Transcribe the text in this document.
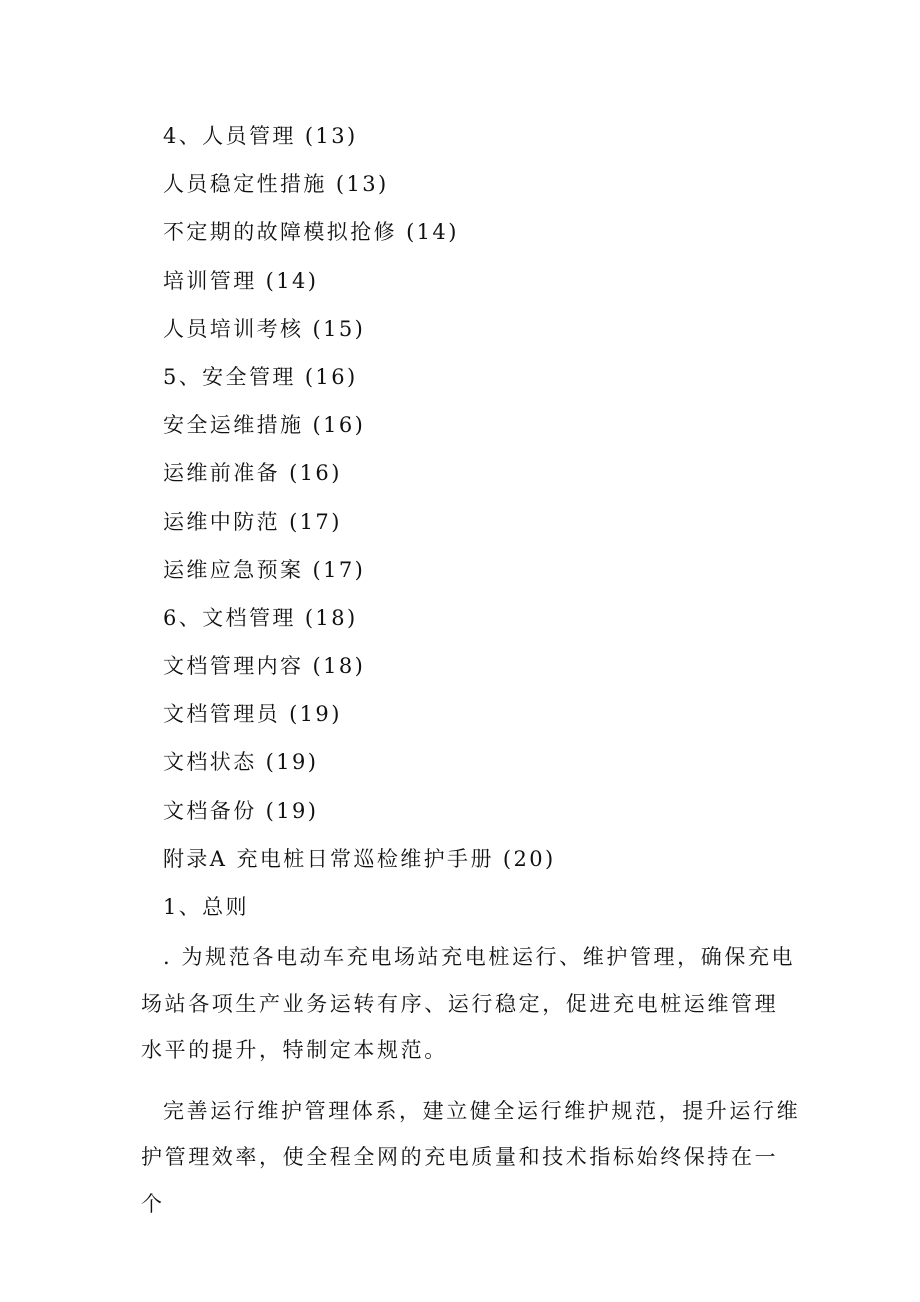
4、人员管理 (13)
人员稳定性措施 (13)
不定期的故障模拟抢修 (14)
培训管理 (14)
人员培训考核 (15)
5、安全管理 (16)
安全运维措施 (16)
运维前准备 (16)
运维中防范 (17)
运维应急预案 (17)
6、文档管理 (18)
文档管理内容 (18)
文档管理员 (19)
文档状态 (19)
文档备份 (19)
附录A 充电桩日常巡检维护手册 (20)
1、总则

. 为规范各电动车充电场站充电桩运行、维护管理，确保充电场站各项生产业务运转有序、运行稳定，促进充电桩运维管理水平的提升，特制定本规范。

完善运行维护管理体系，建立健全运行维护规范，提升运行维护管理效率，使全程全网的充电质量和技术指标始终保持在一个
